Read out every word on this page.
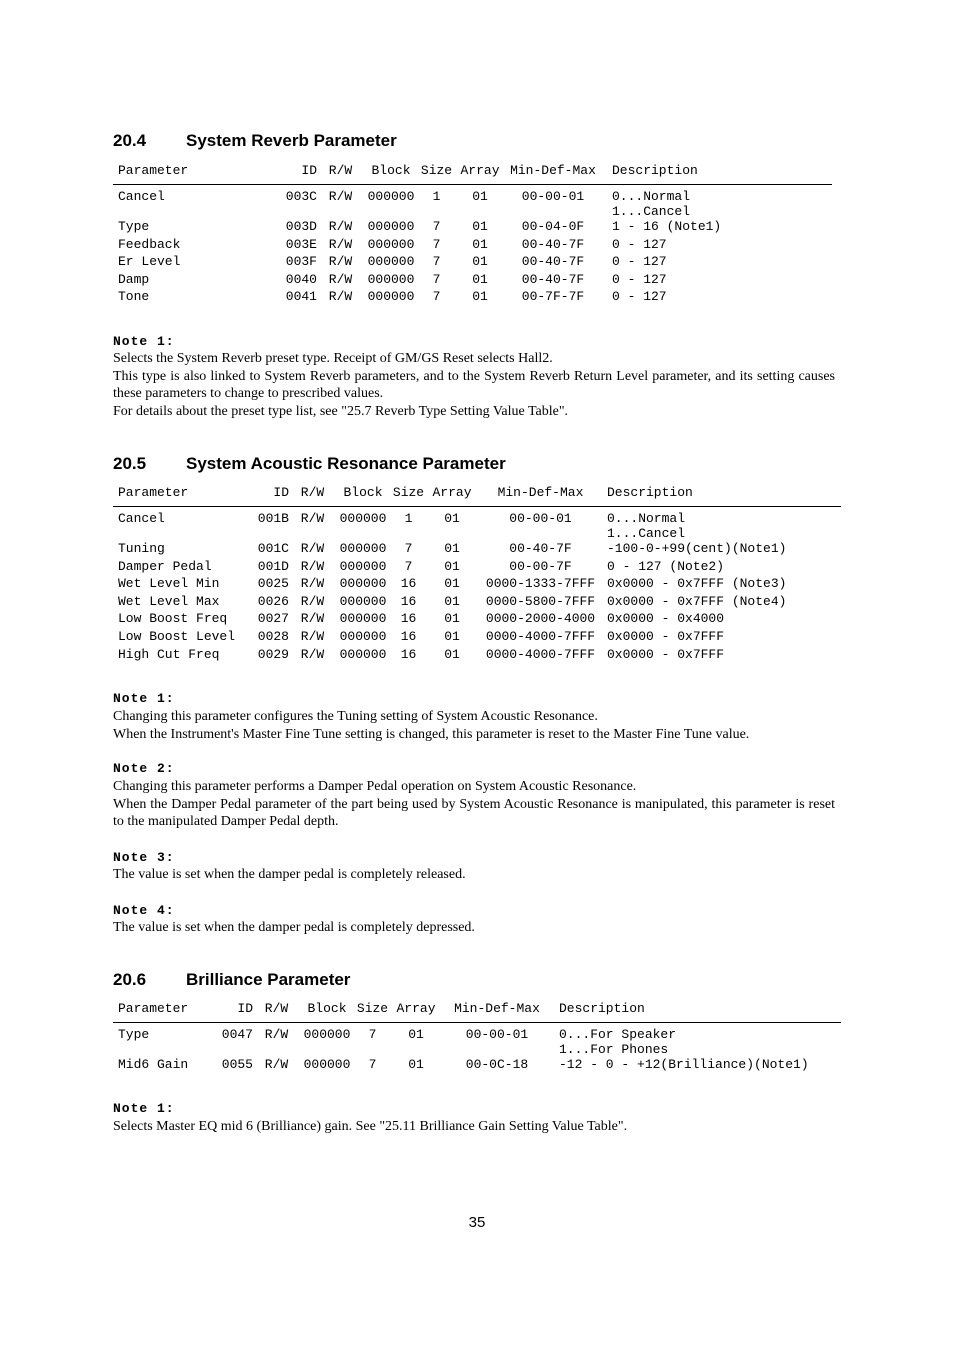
20.4 System Reverb Parameter
Parameter	ID	R/W	Block	Size	Array	Min-Def-Max	Description
Cancel	003C	R/W	000000	1	01	00-00-01	0...Normal
1...Cancel
Type	003D	R/W	000000	7	01	00-04-0F	1 - 16 (Note1)
Feedback	003E	R/W	000000	7	01	00-40-7F	0 - 127
Er Level	003F	R/W	000000	7	01	00-40-7F	0 - 127
Damp	0040	R/W	000000	7	01	00-40-7F	0 - 127
Tone	0041	R/W	000000	7	01	00-7F-7F	0 - 127
Note 1:

Selects the System Reverb preset type. Receipt of GM/GS Reset selects Hall2.

This type is also linked to System Reverb parameters, and to the System Reverb Return Level parameter, and its setting causes these parameters to change to prescribed values.

For details about the preset type list, see "25.7 Reverb Type Setting Value Table".

20.5 System Acoustic Resonance Parameter
Parameter	ID	R/W	Block	Size	Array	Min-Def-Max	Description
Cancel	001B	R/W	000000	1	01	00-00-01	0...Normal
1...Cancel
Tuning	001C	R/W	000000	7	01	00-40-7F	-100-0-+99(cent)(Note1)
Damper Pedal	001D	R/W	000000	7	01	00-00-7F	0 - 127 (Note2)
Wet Level Min	0025	R/W	000000	16	01	0000-1333-7FFF	0x0000 - 0x7FFF (Note3)
Wet Level Max	0026	R/W	000000	16	01	0000-5800-7FFF	0x0000 - 0x7FFF (Note4)
Low Boost Freq	0027	R/W	000000	16	01	0000-2000-4000	0x0000 - 0x4000
Low Boost Level	0028	R/W	000000	16	01	0000-4000-7FFF	0x0000 - 0x7FFF
High Cut Freq	0029	R/W	000000	16	01	0000-4000-7FFF	0x0000 - 0x7FFF
Note 1:

Changing this parameter configures the Tuning setting of System Acoustic Resonance.

When the Instrument's Master Fine Tune setting is changed, this parameter is reset to the Master Fine Tune value.

Note 2:

Changing this parameter performs a Damper Pedal operation on System Acoustic Resonance.

When the Damper Pedal parameter of the part being used by System Acoustic Resonance is manipulated, this parameter is reset to the manipulated Damper Pedal depth.

Note 3:

The value is set when the damper pedal is completely released.

Note 4:

The value is set when the damper pedal is completely depressed.

20.6 Brilliance Parameter
Parameter	ID	R/W	Block	Size	Array	Min-Def-Max	Description
Type	0047	R/W	000000	7	01	00-00-01	0...For Speaker
1...For Phones
Mid6 Gain	0055	R/W	000000	7	01	00-0C-18	-12 - 0 - +12(Brilliance)(Note1)
Note 1:

Selects Master EQ mid 6 (Brilliance) gain. See "25.11 Brilliance Gain Setting Value Table".

35
